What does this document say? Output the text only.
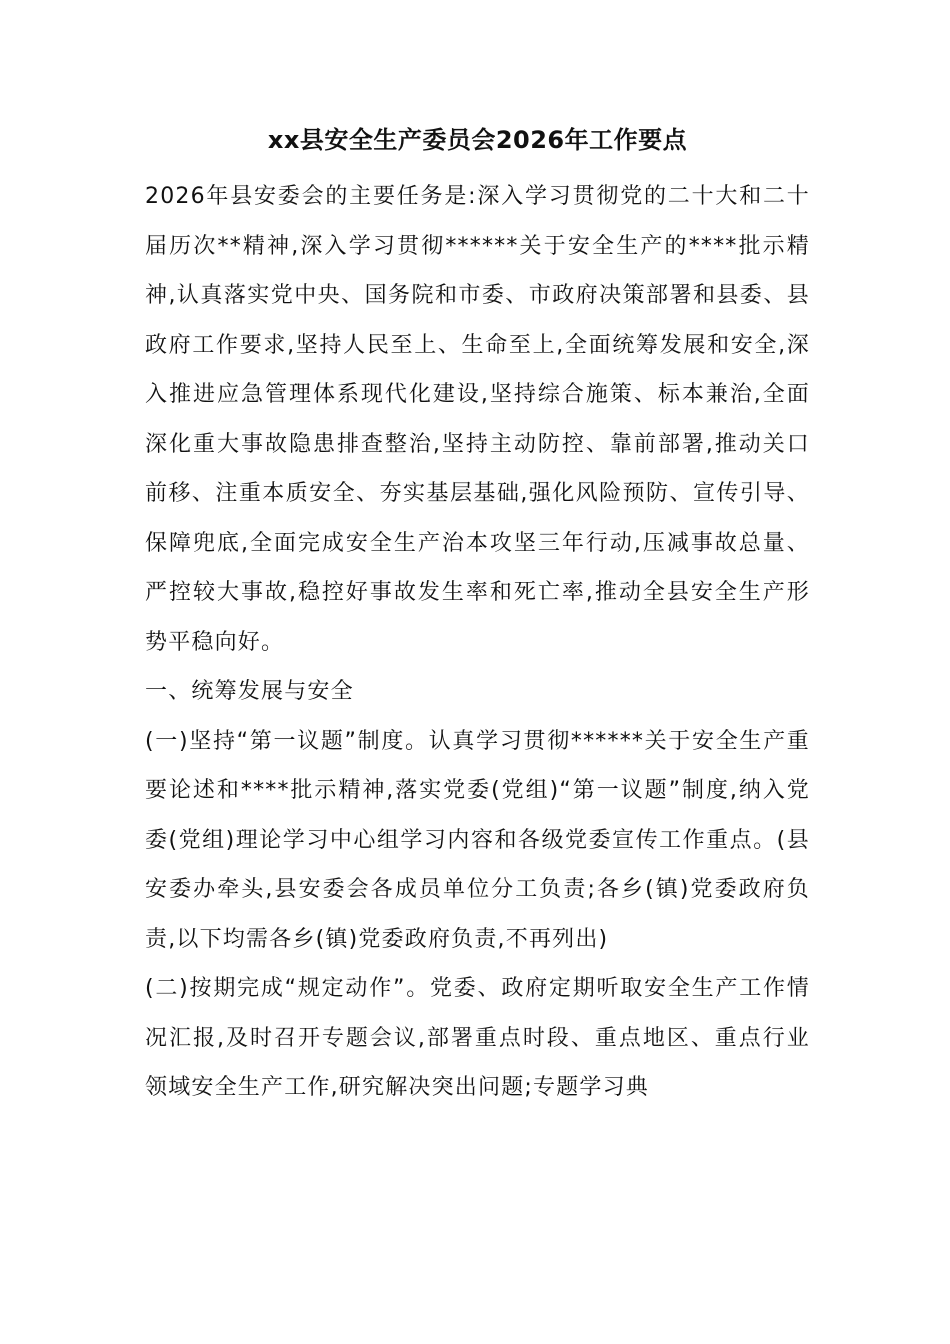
xx县安全生产委员会2026年工作要点

2026年县安委会的主要任务是:深入学习贯彻党的二十大和二十届历次**精神,深入学习贯彻******关于安全生产的****批示精神,认真落实党中央、国务院和市委、市政府决策部署和县委、县政府工作要求,坚持人民至上、生命至上,全面统筹发展和安全,深入推进应急管理体系现代化建设,坚持综合施策、标本兼治,全面深化重大事故隐患排查整治,坚持主动防控、靠前部署,推动关口前移、注重本质安全、夯实基层基础,强化风险预防、宣传引导、保障兜底,全面完成安全生产治本攻坚三年行动,压减事故总量、严控较大事故,稳控好事故发生率和死亡率,推动全县安全生产形势平稳向好。

一、统筹发展与安全

(一)坚持“第一议题”制度。认真学习贯彻******关于安全生产重要论述和****批示精神,落实党委(党组)“第一议题”制度,纳入党委(党组)理论学习中心组学习内容和各级党委宣传工作重点。(县安委办牵头,县安委会各成员单位分工负责;各乡(镇)党委政府负责,以下均需各乡(镇)党委政府负责,不再列出)

(二)按期完成“规定动作”。党委、政府定期听取安全生产工作情况汇报,及时召开专题会议,部署重点时段、重点地区、重点行业领域安全生产工作,研究解决突出问题;专题学习典
